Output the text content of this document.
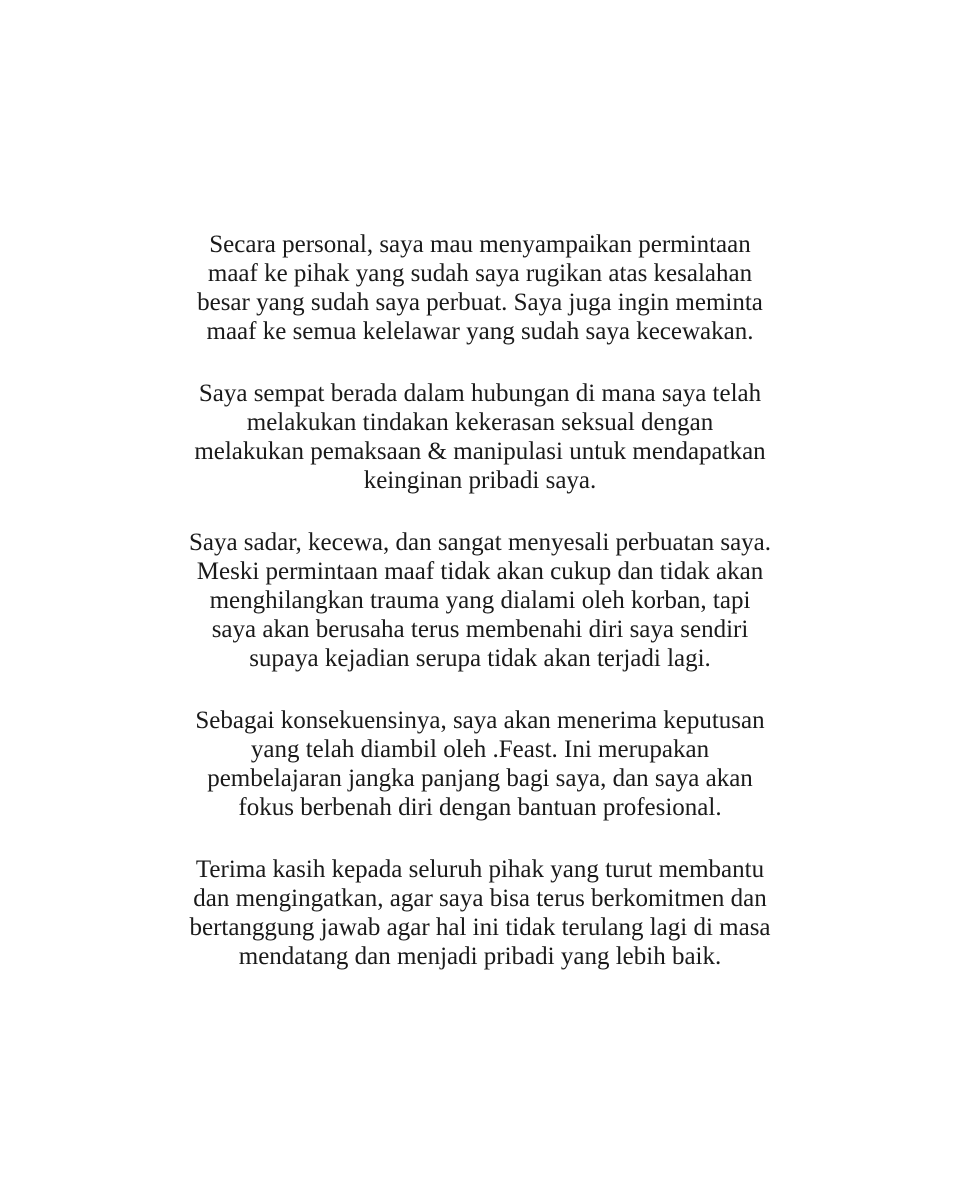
Secara personal, saya mau menyampaikan permintaan
maaf ke pihak yang sudah saya rugikan atas kesalahan
besar yang sudah saya perbuat. Saya juga ingin meminta
maaf ke semua kelelawar yang sudah saya kecewakan.

Saya sempat berada dalam hubungan di mana saya telah
melakukan tindakan kekerasan seksual dengan
melakukan pemaksaan & manipulasi untuk mendapatkan
keinginan pribadi saya.

Saya sadar, kecewa, dan sangat menyesali perbuatan saya.
Meski permintaan maaf tidak akan cukup dan tidak akan
menghilangkan trauma yang dialami oleh korban, tapi
saya akan berusaha terus membenahi diri saya sendiri
supaya kejadian serupa tidak akan terjadi lagi.

Sebagai konsekuensinya, saya akan menerima keputusan
yang telah diambil oleh .Feast. Ini merupakan
pembelajaran jangka panjang bagi saya, dan saya akan
fokus berbenah diri dengan bantuan profesional.

Terima kasih kepada seluruh pihak yang turut membantu
dan mengingatkan, agar saya bisa terus berkomitmen dan
bertanggung jawab agar hal ini tidak terulang lagi di masa
mendatang dan menjadi pribadi yang lebih baik.
